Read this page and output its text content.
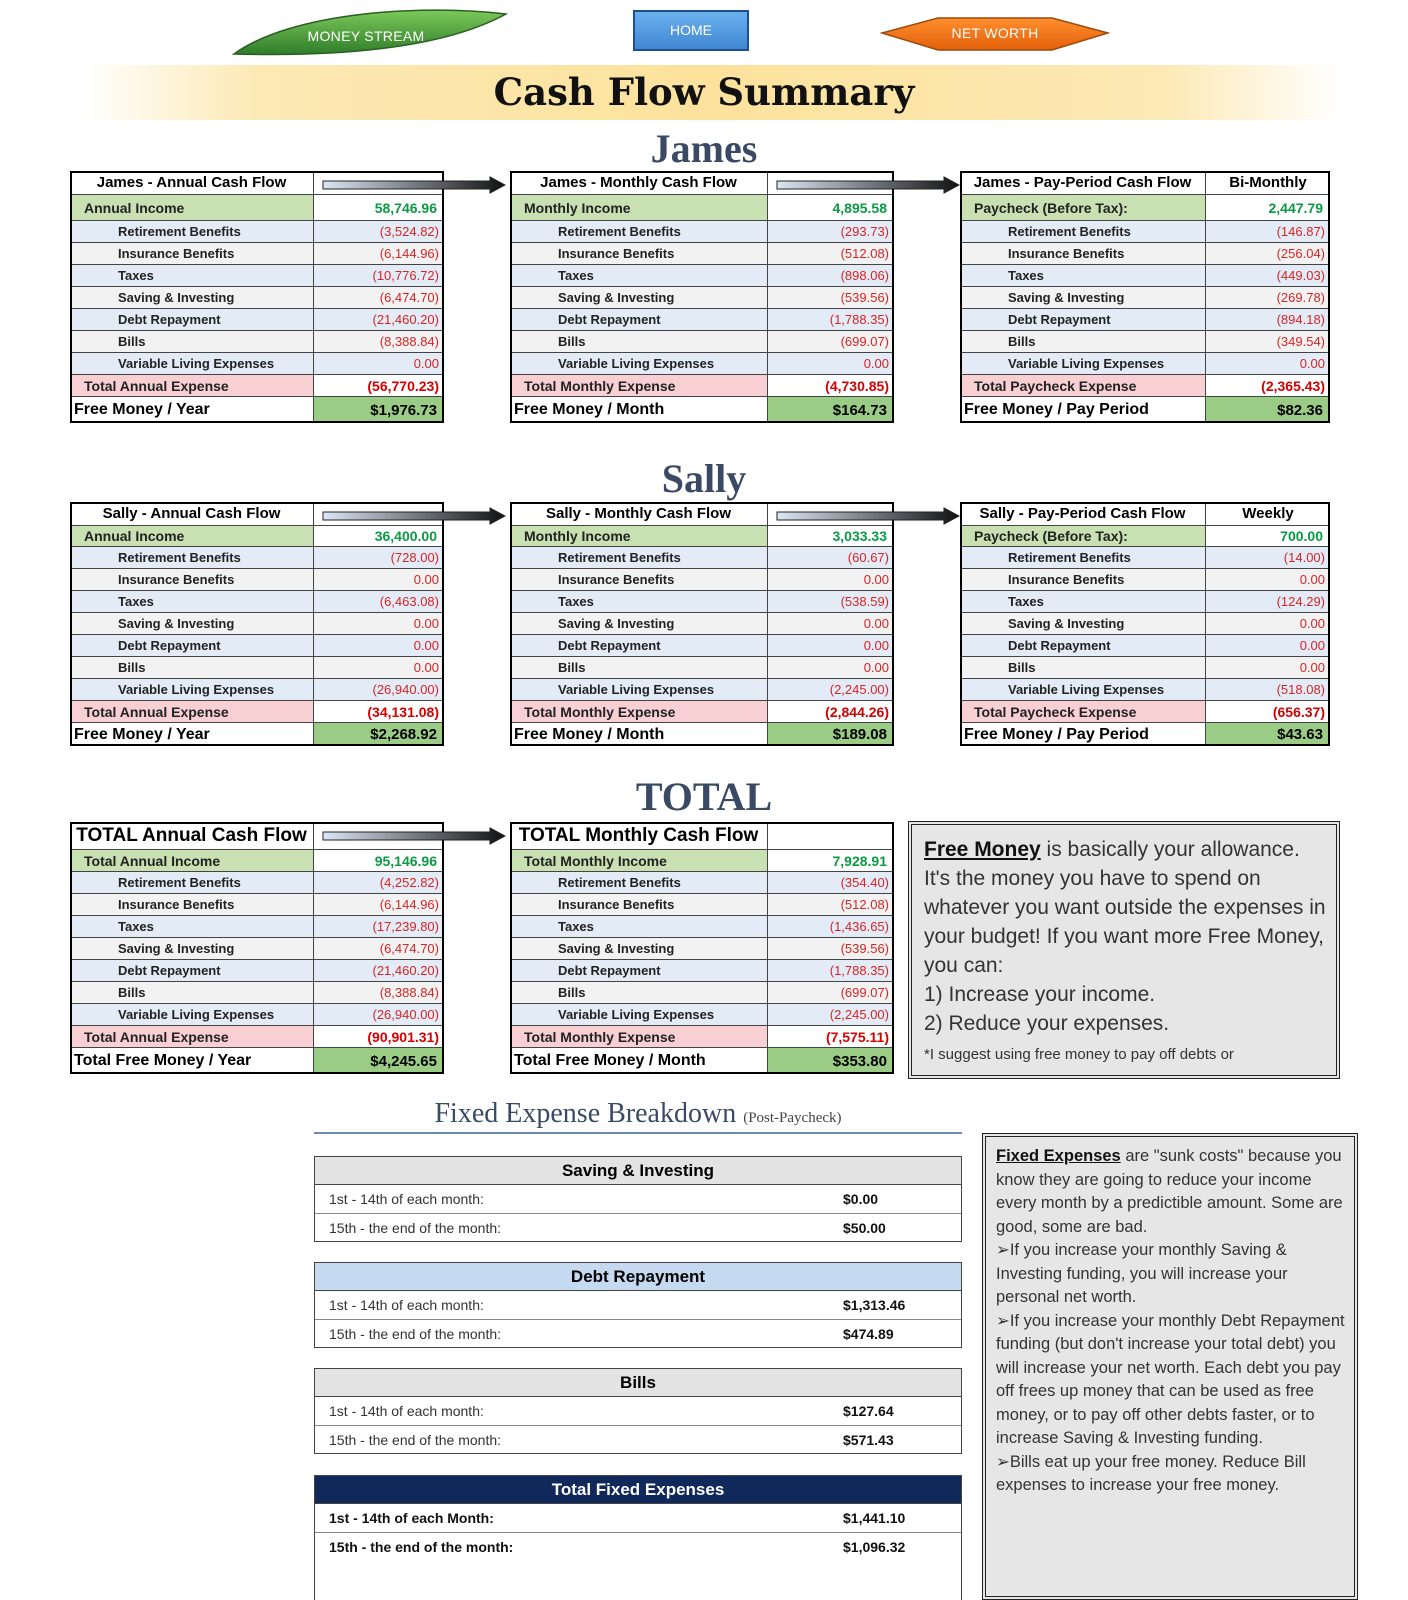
MONEY STREAM	HOME	NET WORTH
Cash Flow Summary
James
Sally
TOTAL
James - Annual Cash Flow
Annual Income	58,746.96
Retirement Benefits	(3,524.82)
Insurance Benefits	(6,144.96)
Taxes	(10,776.72)
Saving & Investing	(6,474.70)
Debt Repayment	(21,460.20)
Bills	(8,388.84)
Variable Living Expenses	0.00
Total Annual Expense	(56,770.23)
Free Money / Year	$1,976.73
James - Monthly Cash Flow
Monthly Income	4,895.58
Retirement Benefits	(293.73)
Insurance Benefits	(512.08)
Taxes	(898.06)
Saving & Investing	(539.56)
Debt Repayment	(1,788.35)
Bills	(699.07)
Variable Living Expenses	0.00
Total Monthly Expense	(4,730.85)
Free Money / Month	$164.73
James - Pay-Period Cash Flow	Bi-Monthly
Paycheck (Before Tax):	2,447.79
Retirement Benefits	(146.87)
Insurance Benefits	(256.04)
Taxes	(449.03)
Saving & Investing	(269.78)
Debt Repayment	(894.18)
Bills	(349.54)
Variable Living Expenses	0.00
Total Paycheck Expense	(2,365.43)
Free Money / Pay Period	$82.36
Sally - Annual Cash Flow
Annual Income	36,400.00
Retirement Benefits	(728.00)
Insurance Benefits	0.00
Taxes	(6,463.08)
Saving & Investing	0.00
Debt Repayment	0.00
Bills	0.00
Variable Living Expenses	(26,940.00)
Total Annual Expense	(34,131.08)
Free Money / Year	$2,268.92
Sally - Monthly Cash Flow
Monthly Income	3,033.33
Retirement Benefits	(60.67)
Insurance Benefits	0.00
Taxes	(538.59)
Saving & Investing	0.00
Debt Repayment	0.00
Bills	0.00
Variable Living Expenses	(2,245.00)
Total Monthly Expense	(2,844.26)
Free Money / Month	$189.08
Sally - Pay-Period Cash Flow	Weekly
Paycheck (Before Tax):	700.00
Retirement Benefits	(14.00)
Insurance Benefits	0.00
Taxes	(124.29)
Saving & Investing	0.00
Debt Repayment	0.00
Bills	0.00
Variable Living Expenses	(518.08)
Total Paycheck Expense	(656.37)
Free Money / Pay Period	$43.63
TOTAL Annual Cash Flow
Total Annual Income	95,146.96
Retirement Benefits	(4,252.82)
Insurance Benefits	(6,144.96)
Taxes	(17,239.80)
Saving & Investing	(6,474.70)
Debt Repayment	(21,460.20)
Bills	(8,388.84)
Variable Living Expenses	(26,940.00)
Total Annual Expense	(90,901.31)
Total Free Money / Year	$4,245.65
TOTAL Monthly Cash Flow
Total Monthly Income	7,928.91
Retirement Benefits	(354.40)
Insurance Benefits	(512.08)
Taxes	(1,436.65)
Saving & Investing	(539.56)
Debt Repayment	(1,788.35)
Bills	(699.07)
Variable Living Expenses	(2,245.00)
Total Monthly Expense	(7,575.11)
Total Free Money / Month	$353.80
Free Money is basically your allowance. It's the money you have to spend on whatever you want outside the expenses in your budget! If you want more Free Money, you can:
1) Increase your income.
2) Reduce your expenses.
*I suggest using free money to pay off debts or
Fixed Expense Breakdown (Post-Paycheck)
Saving & Investing
1st - 14th of each month:	$0.00
15th - the end of the month:	$50.00
Debt Repayment
1st - 14th of each month:	$1,313.46
15th - the end of the month:	$474.89
Bills
1st - 14th of each month:	$127.64
15th - the end of the month:	$571.43
Total Fixed Expenses
1st - 14th of each Month:	$1,441.10
15th - the end of the month:	$1,096.32
Fixed Expenses are "sunk costs" because you know they are going to reduce your income every month by a predictible amount. Some are good, some are bad.
➢If you increase your monthly Saving & Investing funding, you will increase your personal net worth.
➢If you increase your monthly Debt Repayment funding (but don't increase your total debt) you will increase your net worth. Each debt you pay off frees up money that can be used as free money, or to pay off other debts faster, or to increase Saving & Investing funding.
➢Bills eat up your free money. Reduce Bill expenses to increase your free money.
